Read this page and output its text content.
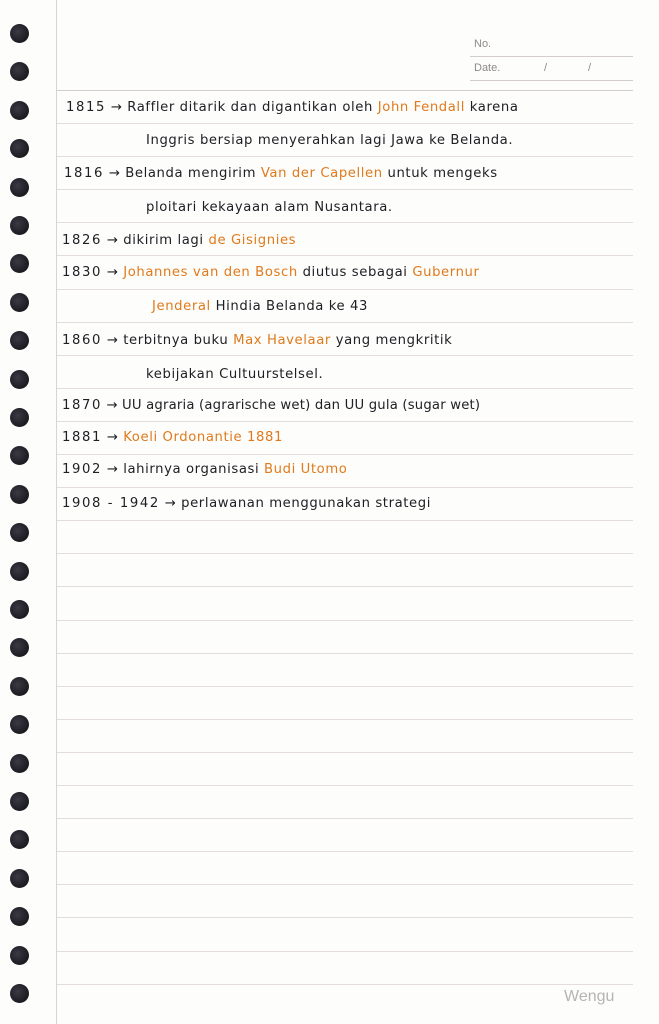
No.
Date.	/	/
1815 → Raffler ditarik dan digantikan oleh John Fendall karena
Inggris bersiap menyerahkan lagi Jawa ke Belanda.
1816 → Belanda mengirim Van der Capellen untuk mengeks
ploitari kekayaan alam Nusantara.
1826 → dikirim lagi de Gisignies
1830 → Johannes van den Bosch diutus sebagai Gubernur
Jenderal Hindia Belanda ke 43
1860 → terbitnya buku Max Havelaar yang mengkritik
kebijakan Cultuurstelsel.
1870 → UU agraria (agrarische wet) dan UU gula (sugar wet)
1881 → Koeli Ordonantie 1881
1902 → lahirnya organisasi Budi Utomo
1908 - 1942 → perlawanan menggunakan strategi
Wengu
